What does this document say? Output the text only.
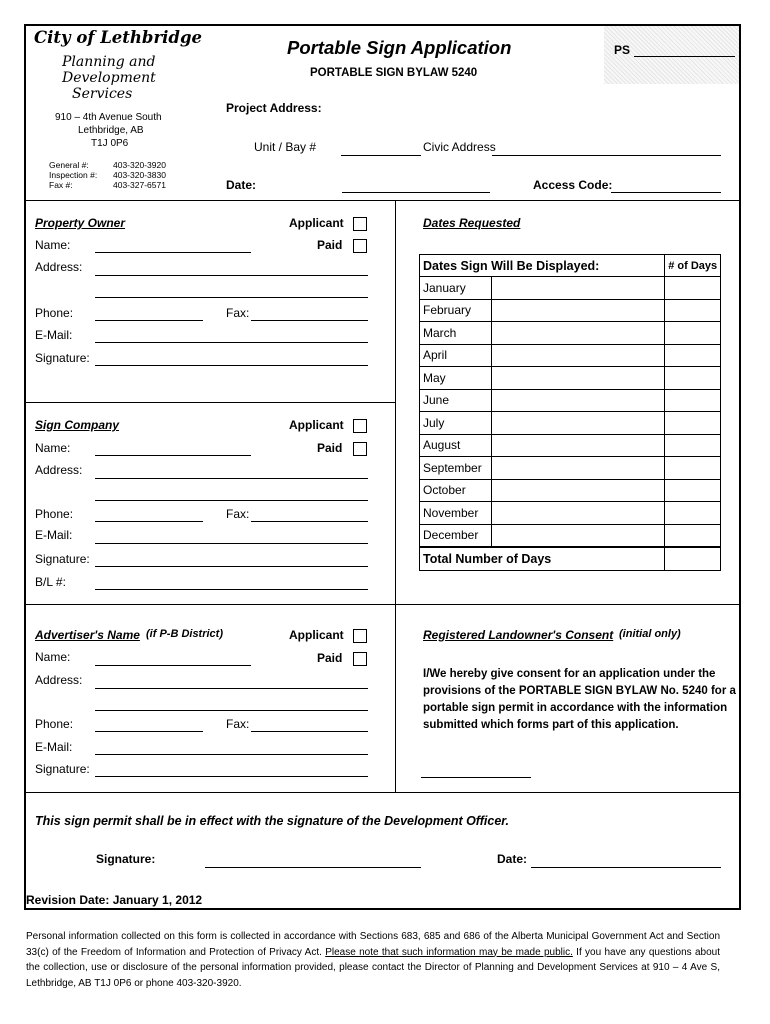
City of Lethbridge
Planning and
Development
Services
910 – 4th Avenue South
Lethbridge, AB
T1J 0P6
General #:	403-320-3920
Inspection #: 403-320-3830
Fax #:	403-327-6571
Portable Sign Application
PORTABLE SIGN BYLAW 5240
PS
Project Address:
Unit / Bay #	Civic Address
Date:	Access Code:
Property Owner	Applicant
Paid
Name:
Address:
Phone:	Fax:
E-Mail:
Signature:
Sign Company	Applicant
Paid
Name:
Address:
Phone:	Fax:
E-Mail:
Signature:
B/L #:
Advertiser's Name (if P-B District)	Applicant
Paid
Name:
Address:
Phone:	Fax:
E-Mail:
Signature:
Dates Requested
Dates Sign Will Be Displayed:		# of Days
January		
February		
March		
April		
May		
June		
July		
August		
September		
October		
November		
December		
Total Number of Days		
Registered Landowner's Consent (initial only)
I/We hereby give consent for an application under the
provisions of the PORTABLE SIGN BYLAW No. 5240 for a
portable sign permit in accordance with the information
submitted which forms part of this application.
This sign permit shall be in effect with the signature of the Development Officer.
Signature:	Date:
Revision Date: January 1, 2012
Personal information collected on this form is collected in accordance with Sections 683, 685 and 686 of the Alberta Municipal Government Act and Section 33(c) of the Freedom of Information and Protection of Privacy Act. Please note that such information may be made public. If you have any questions about the collection, use or disclosure of the personal information provided, please contact the Director of Planning and Development Services at 910 – 4 Ave S, Lethbridge, AB T1J 0P6 or phone 403-320-3920.
